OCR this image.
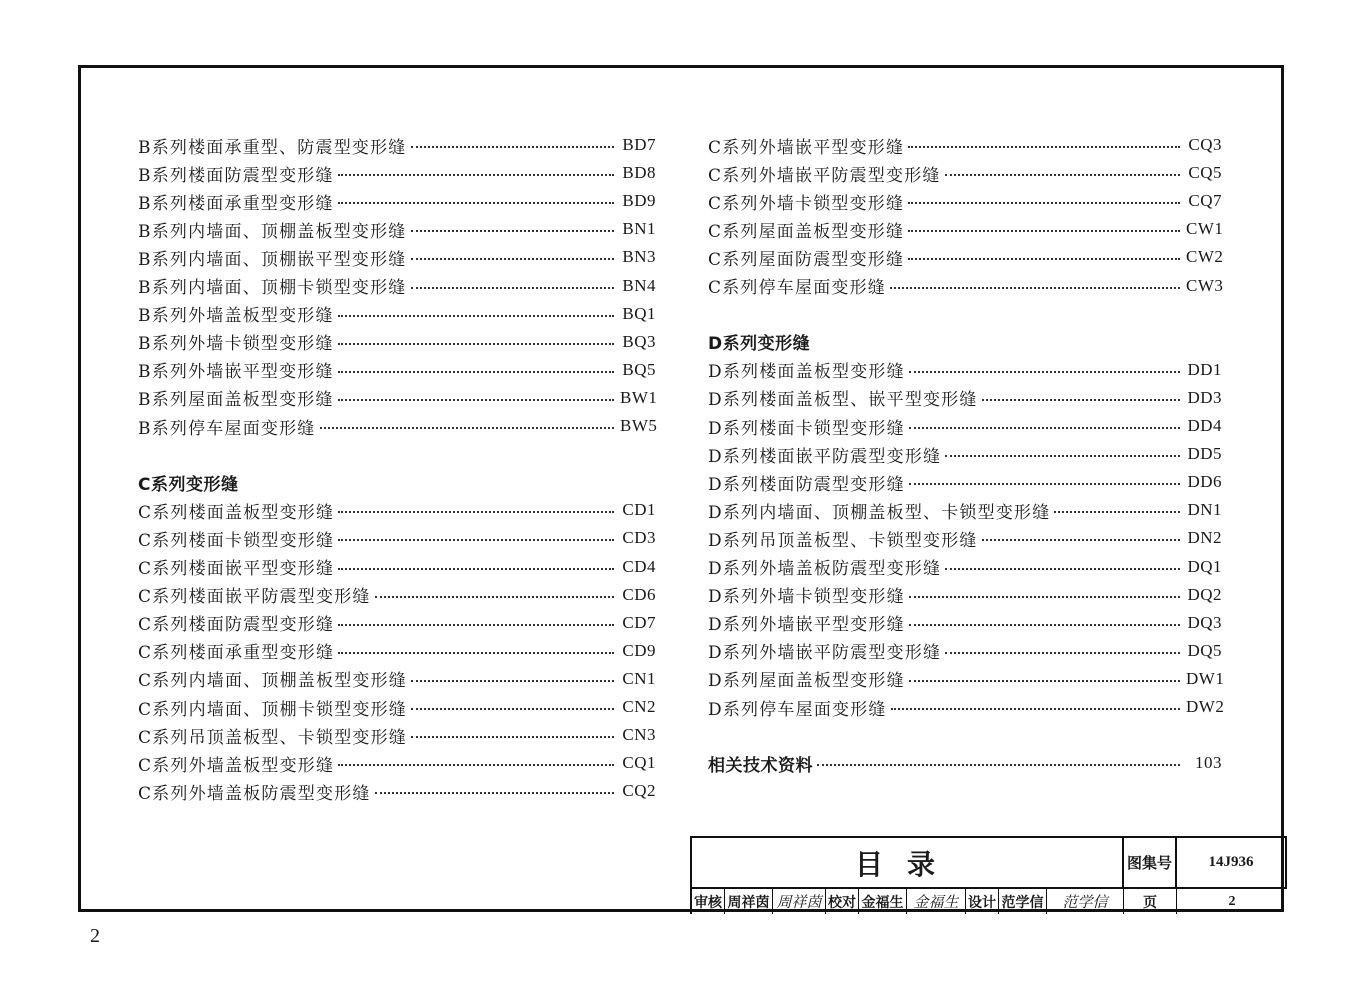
B系列楼面承重型、防震型变形缝	BD7
B系列楼面防震型变形缝	BD8
B系列楼面承重型变形缝	BD9
B系列内墙面、顶棚盖板型变形缝	BN1
B系列内墙面、顶棚嵌平型变形缝	BN3
B系列内墙面、顶棚卡锁型变形缝	BN4
B系列外墙盖板型变形缝	BQ1
B系列外墙卡锁型变形缝	BQ3
B系列外墙嵌平型变形缝	BQ5
B系列屋面盖板型变形缝	BW1
B系列停车屋面变形缝	BW5
C系列变形缝
C系列楼面盖板型变形缝	CD1
C系列楼面卡锁型变形缝	CD3
C系列楼面嵌平型变形缝	CD4
C系列楼面嵌平防震型变形缝	CD6
C系列楼面防震型变形缝	CD7
C系列楼面承重型变形缝	CD9
C系列内墙面、顶棚盖板型变形缝	CN1
C系列内墙面、顶棚卡锁型变形缝	CN2
C系列吊顶盖板型、卡锁型变形缝	CN3
C系列外墙盖板型变形缝	CQ1
C系列外墙盖板防震型变形缝	CQ2
C系列外墙嵌平型变形缝	CQ3
C系列外墙嵌平防震型变形缝	CQ5
C系列外墙卡锁型变形缝	CQ7
C系列屋面盖板型变形缝	CW1
C系列屋面防震型变形缝	CW2
C系列停车屋面变形缝	CW3
D系列变形缝
D系列楼面盖板型变形缝	DD1
D系列楼面盖板型、嵌平型变形缝	DD3
D系列楼面卡锁型变形缝	DD4
D系列楼面嵌平防震型变形缝	DD5
D系列楼面防震型变形缝	DD6
D系列内墙面、顶棚盖板型、卡锁型变形缝	DN1
D系列吊顶盖板型、卡锁型变形缝	DN2
D系列外墙盖板防震型变形缝	DQ1
D系列外墙卡锁型变形缝	DQ2
D系列外墙嵌平型变形缝	DQ3
D系列外墙嵌平防震型变形缝	DQ5
D系列屋面盖板型变形缝	DW1
D系列停车屋面变形缝	DW2
相关技术资料	103
目录	图集号	14J936
审核 周祥茵 周祥茵 校对 金福生 金福生 设计 范学信	范学信	页	2
2
